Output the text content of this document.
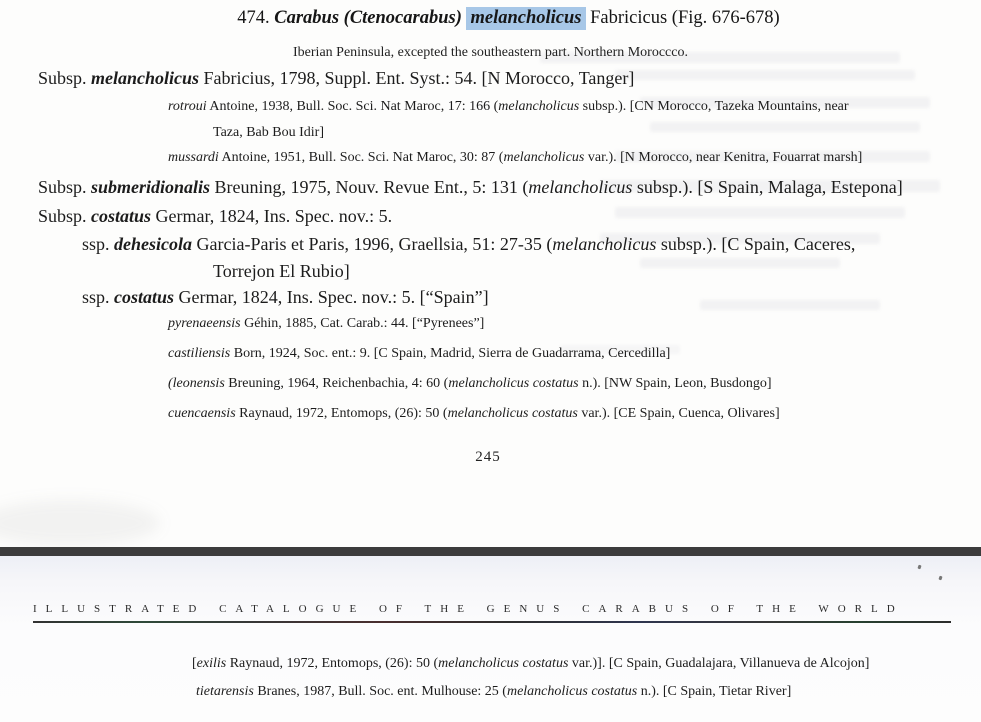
474. Carabus (Ctenocarabus) melancholicus Fabricicus (Fig. 676-678)
Iberian Peninsula, excepted the southeastern part. Northern Moroccco.
Subsp. melancholicus Fabricius, 1798, Suppl. Ent. Syst.: 54. [N Morocco, Tanger]
rotroui Antoine, 1938, Bull. Soc. Sci. Nat Maroc, 17: 166 (melancholicus subsp.). [CN Morocco, Tazeka Mountains, near
Taza, Bab Bou Idir]
mussardi Antoine, 1951, Bull. Soc. Sci. Nat Maroc, 30: 87 (melancholicus var.). [N Morocco, near Kenitra, Fouarrat marsh]
Subsp. submeridionalis Breuning, 1975, Nouv. Revue Ent., 5: 131 (melancholicus subsp.). [S Spain, Malaga, Estepona]
Subsp. costatus Germar, 1824, Ins. Spec. nov.: 5.
ssp. dehesicola Garcia-Paris et Paris, 1996, Graellsia, 51: 27-35 (melancholicus subsp.). [C Spain, Caceres,
Torrejon El Rubio]
ssp. costatus Germar, 1824, Ins. Spec. nov.: 5. [“Spain”]
pyrenaeensis Géhin, 1885, Cat. Carab.: 44. [“Pyrenees”]
castiliensis Born, 1924, Soc. ent.: 9. [C Spain, Madrid, Sierra de Guadarrama, Cercedilla]
(leonensis Breuning, 1964, Reichenbachia, 4: 60 (melancholicus costatus n.). [NW Spain, Leon, Busdongo]
cuencaensis Raynaud, 1972, Entomops, (26): 50 (melancholicus costatus var.). [CE Spain, Cuenca, Olivares]
245
ILLUSTRATED CATALOGUE OF THE GENUS CARABUS OF THE WORLD
[exilis Raynaud, 1972, Entomops, (26): 50 (melancholicus costatus var.)]. [C Spain, Guadalajara, Villanueva de Alcojon]
tietarensis Branes, 1987, Bull. Soc. ent. Mulhouse: 25 (melancholicus costatus n.). [C Spain, Tietar River]
